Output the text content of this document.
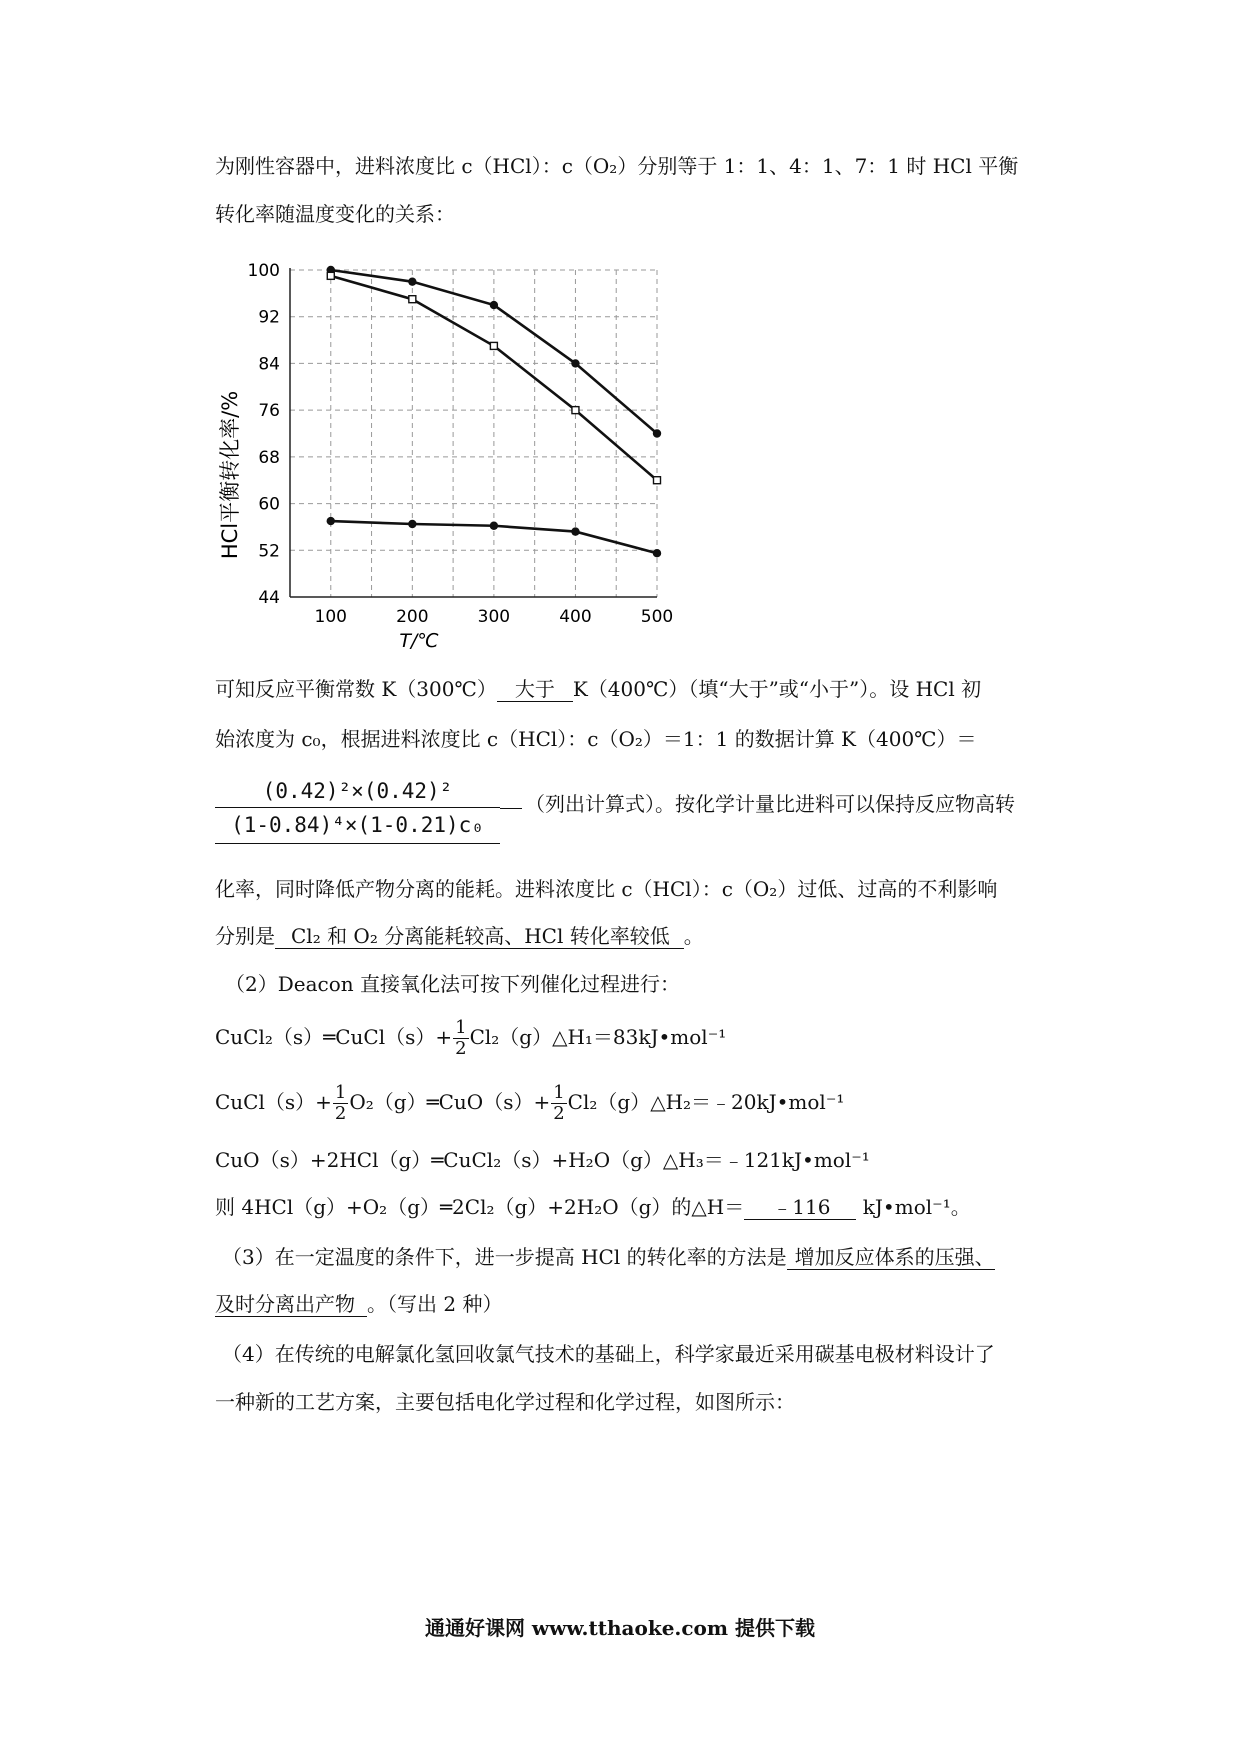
为刚性容器中，进料浓度比 c（HCl）：c（O₂）分别等于 1：1、4：1、7：1 时 HCl 平衡
转化率随温度变化的关系：
44
52
60
68
76
84
92
100
100	200	300	400	500
HCl平衡转化率/%
T/℃
可知反应平衡常数 K（300℃） 大于 K（400℃）（填“大于”或“小于”）。设 HCl 初
始浓度为 c₀，根据进料浓度比 c（HCl）：c（O₂）＝1：1 的数据计算 K（400℃）＝
$\frac{\text{(0.42)²×(0.42)²}}{\text{(1-0.84)⁴×(1-0.21)c₀}}$ （列出计算式）。按化学计量比进料可以保持反应物高转
化率，同时降低产物分离的能耗。进料浓度比 c（HCl）：c（O₂）过低、过高的不利影响
分别是 Cl₂ 和 O₂ 分离能耗较高、HCl 转化率较低 。
（2）Deacon 直接氧化法可按下列催化过程进行：
CuCl₂（s）═CuCl（s）+ $\frac{1}{2}$ Cl₂（g）△H₁＝83kJ•mol⁻¹
CuCl（s）+ $\frac{1}{2}$ O₂（g）═CuO（s）+ $\frac{1}{2}$ Cl₂（g）△H₂＝﹣20kJ•mol⁻¹
CuO（s）+2HCl（g）═CuCl₂（s）+H₂O（g）△H₃＝﹣121kJ•mol⁻¹
则 4HCl（g）+O₂（g）═2Cl₂（g）+2H₂O（g）的△H＝ ﹣116 kJ•mol⁻¹。
（3）在一定温度的条件下，进一步提高 HCl 的转化率的方法是 增加反应体系的压强、
及时分离出产物 。（写出 2 种）
（4）在传统的电解氯化氢回收氯气技术的基础上，科学家最近采用碳基电极材料设计了
一种新的工艺方案，主要包括电化学过程和化学过程，如图所示：
通通好课网 www.tthaoke.com 提供下载
